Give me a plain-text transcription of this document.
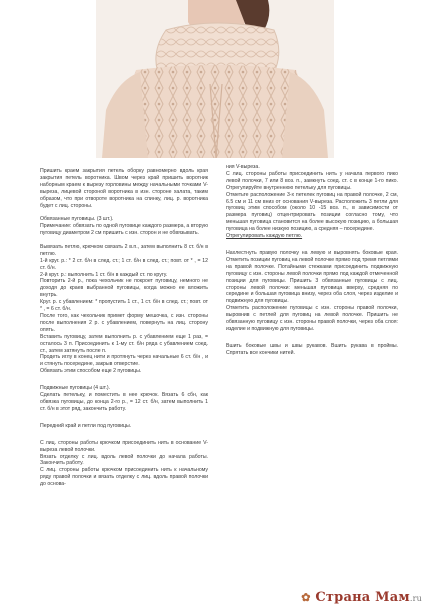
Пришить краем закрытия петель оборку равномерно вдоль края закрытия петель воротника. Швом через край пришить воротник наборным краем к вырезу горловины между начальными точками V-выреза, лицевой стороной воротника в изн. стороне халата, таким образом, что при отвороте воротника на спинку, лиц. р. воротника будет с лиц. стороны.

Обвязанные пуговицы. (3 шт.).

Примечание: обвязать по одной пуговице каждого размера, а вторую пуговицу диаметром 2 см пришить с изн. сторон и не обвязывать.

Вывязать петлю, крючком связать 2 в.п., затем выполнить 8 ст. б/н в петлю.

1-й круг. р.: * 2 ст. б/н в след. ст.; 1 ст. б/н в след. ст.; повт. от * , = 12 ст. б/н.

2-й круг. р.: выполнить 1 ст. б/н в каждый ст. по кругу.

Повторить 2-й р., пока чехольчик не покроет пуговицу, немного не доходя до краев выбранной пуговицы, когда можно ее вложить внутрь.

Круг. р. с убавлением: * пропустить 1 ст., 1 ст. б/н в след. ст.; повт. от * , = 6 ст. б/н.

После того, как чехольчик примет форму мешочка, с изн. стороны после выполнения 2 р. с убавлением, повернуть на лиц. сторону опять.

Вставить пуговицу, затем выполнить р. с убавлением еще 1 раз, = осталось 3 п. Присоединить к 1-му ст. б/н ряда с убавлением соед. ст., затем затянуть после п.

Продеть иглу в конец нити и протянуть через начальные 6 ст. б/н , и и стянуть посередине, закрыв отверстие.

Обвязать этим способом еще 2 пуговицы.

Подвижные пуговицы (4 шт.).

Сделать петельку, и поместить в нее крючок. Вязать 6 сбн, как обвязка пуговицы, до конца 2-го р., = 12 ст. б/н, затем выполнить 1 ст. б/н в этот ряд, закончить работу.

Передний край и петли под пуговицы.

С лиц. стороны работы крючком присоединить нить в основание V- выреза левой полочки.

Вязать отделку с лиц. вдоль левой полочки до начала работы. Закончить работу.

С лиц. стороны работы крючком присоединить нить к начальному ряду правой полочки и вязать отделку с лиц. вдоль правой полочки до основа-

ния V-выреза.

С лиц. стороны работы присоединить нить у начала первого пико левой полочки, 7 или 8 воз. п., замкнуть соед. ст. с в конце 1-го пико. Отрегулируйте внутреннюю петельку для пуговицы.

Отметьте расположение 3-х петелек пуговиц на правой полочке, 2 см, 6.5 см и 11 см вниз от основания V-выреза. Расположить 3 петли для пуговиц этим способом (около 10 -15 воз. п., в зависимости от размера пуговиц) отцентрировать позиции согласно тому, что меньшая пуговица становится на более высокую позицию, а большая пуговица на более низкую позицию, а средняя – посередине.

Отрегулировать каждую петлю.

Нахлестнуть правую полочку на левую и выровнять боковые края. Отметить позиции пуговиц на левой полочке прямо под тремя петлями на правой полочке. Потайными стежками присоединить подвижную пуговицу с изн. стороны левой полочки прямо под каждой отмеченной позиции для пуговицы. Пришить 3 обвязанные пуговицы с лиц. стороны левой полочки: меньшая пуговица вверху, средняя по середине и большая пуговица внизу, через оба слоя, через изделие и подвижную для пуговицы.

Отметить расположение пуговицы с изн. стороны правой полочки, выровнив с петлей для пуговиц на левой полочке. Пришить не обвязанную пуговицу с изн. стороны правой полочки, через оба слоя: изделие и подвижную для пуговицы.

Вшить боковые швы и швы рукавов. Вшить рукава в проймы. Спрятать все кончики нитей.

✿ Страна Мам.ru
